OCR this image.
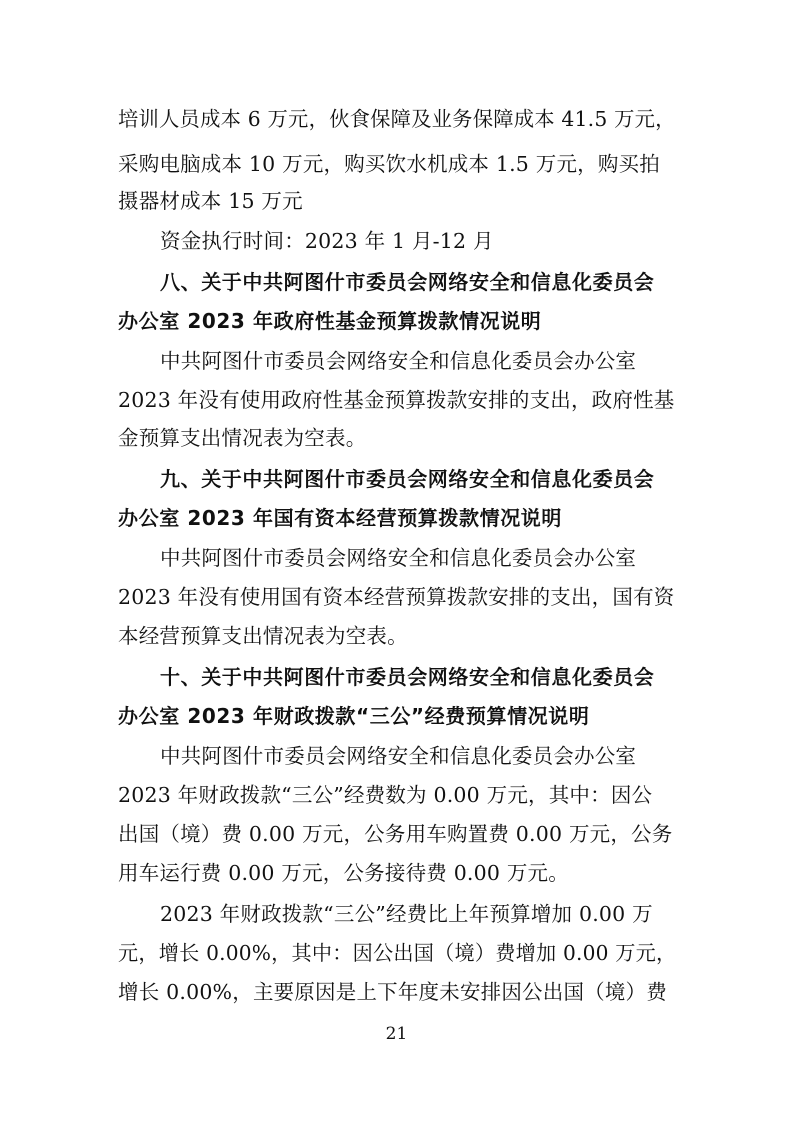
培训人员成本 6 万元，伙食保障及业务保障成本 41.5 万元，
采购电脑成本 10 万元，购买饮水机成本 1.5 万元，购买拍
摄器材成本 15 万元
资金执行时间：2023 年 1 月-12 月
八、关于中共阿图什市委员会网络安全和信息化委员会
办公室 2023 年政府性基金预算拨款情况说明
中共阿图什市委员会网络安全和信息化委员会办公室
2023 年没有使用政府性基金预算拨款安排的支出，政府性基
金预算支出情况表为空表。
九、关于中共阿图什市委员会网络安全和信息化委员会
办公室 2023 年国有资本经营预算拨款情况说明
中共阿图什市委员会网络安全和信息化委员会办公室
2023 年没有使用国有资本经营预算拨款安排的支出，国有资
本经营预算支出情况表为空表。
十、关于中共阿图什市委员会网络安全和信息化委员会
办公室 2023 年财政拨款“三公”经费预算情况说明
中共阿图什市委员会网络安全和信息化委员会办公室
2023 年财政拨款“三公”经费数为 0.00 万元，其中：因公
出国（境）费 0.00 万元，公务用车购置费 0.00 万元，公务
用车运行费 0.00 万元，公务接待费 0.00 万元。
2023 年财政拨款“三公”经费比上年预算增加 0.00 万
元，增长 0.00%，其中：因公出国（境）费增加 0.00 万元，
增长 0.00%，主要原因是上下年度未安排因公出国（境）费
21
